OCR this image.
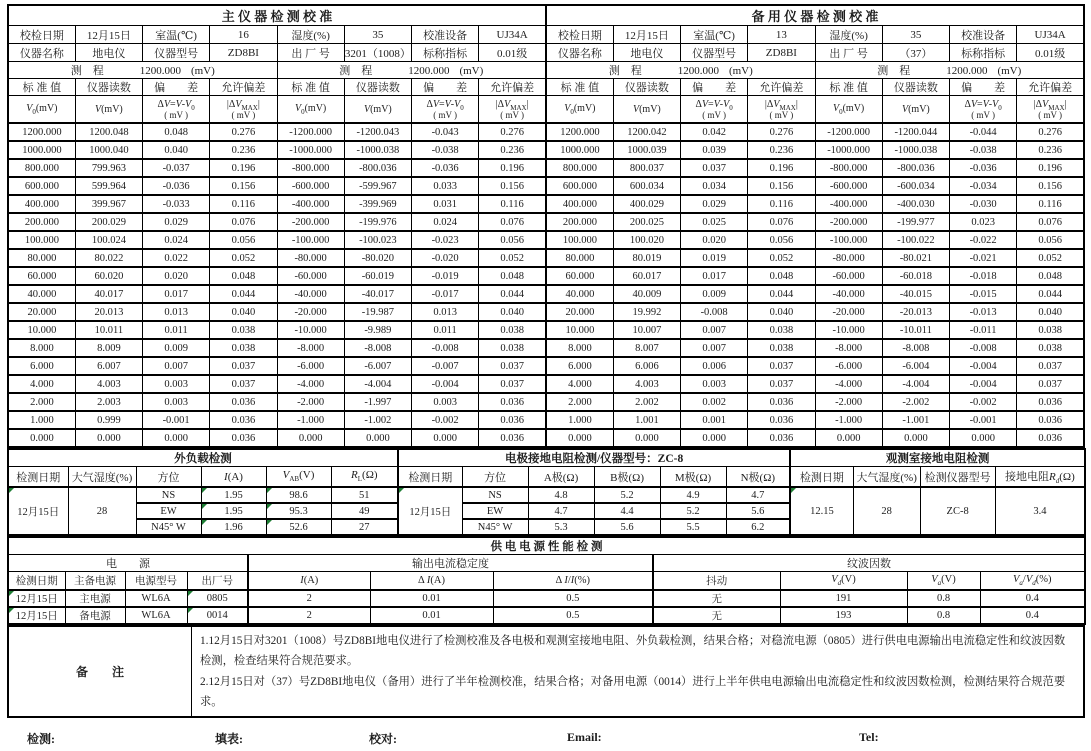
主 仪 器 检 测 校 准								备 用 仪 器 检 测 校 准							
校检日期	12月15日	室温(℃)	16	湿度(%)	35	校准设备	UJ34A	校检日期	12月15日	室温(℃)	13	湿度(%)	35	校准设备	UJ34A
仪器名称	地电仪	仪器型号	ZD8BI	出 厂 号	3201（1008）	标称指标	0.01级	仪器名称	地电仪	仪器型号	ZD8BI	出 厂 号	（37）	标称指标	0.01级
测　程 1200.000 (mV)				测　程 1200.000 (mV)				测　程 1200.000 (mV)				测　程 1200.000 (mV)			
标 准 值	仪器读数	偏　　差	允许偏差	标 准 值	仪器读数	偏　　差	允许偏差	标 准 值	仪器读数	偏　　差	允许偏差	标 准 值	仪器读数	偏　　差	允许偏差

$V_0(mV)$	V(mV)	$\Delta V=V-V_0$
( mV )

$|\Delta V_{MAX}|$
( mV )

$V_0(mV)$	V(mV)	$\Delta V=V-V_0$
( mV )

$|\Delta V_{MAX}|$
( mV )

$V_0(mV)$	V(mV)	$\Delta V=V-V_0$
( mV )

$|\Delta V_{MAX}|$
( mV )

$V_0(mV)$	V(mV)	$\Delta V=V-V_0$
( mV )

$|\Delta V_{MAX}|$
( mV )

1200.000	1200.048	0.048	0.276	-1200.000	-1200.043	-0.043	0.276	1200.000	1200.042	0.042	0.276	-1200.000	-1200.044	-0.044	0.276
1000.000	1000.040	0.040	0.236	-1000.000	-1000.038	-0.038	0.236	1000.000	1000.039	0.039	0.236	-1000.000	-1000.038	-0.038	0.236
800.000	799.963	-0.037	0.196	-800.000	-800.036	-0.036	0.196	800.000	800.037	0.037	0.196	-800.000	-800.036	-0.036	0.196
600.000	599.964	-0.036	0.156	-600.000	-599.967	0.033	0.156	600.000	600.034	0.034	0.156	-600.000	-600.034	-0.034	0.156
400.000	399.967	-0.033	0.116	-400.000	-399.969	0.031	0.116	400.000	400.029	0.029	0.116	-400.000	-400.030	-0.030	0.116
200.000	200.029	0.029	0.076	-200.000	-199.976	0.024	0.076	200.000	200.025	0.025	0.076	-200.000	-199.977	0.023	0.076
100.000	100.024	0.024	0.056	-100.000	-100.023	-0.023	0.056	100.000	100.020	0.020	0.056	-100.000	-100.022	-0.022	0.056
80.000	80.022	0.022	0.052	-80.000	-80.020	-0.020	0.052	80.000	80.019	0.019	0.052	-80.000	-80.021	-0.021	0.052
60.000	60.020	0.020	0.048	-60.000	-60.019	-0.019	0.048	60.000	60.017	0.017	0.048	-60.000	-60.018	-0.018	0.048
40.000	40.017	0.017	0.044	-40.000	-40.017	-0.017	0.044	40.000	40.009	0.009	0.044	-40.000	-40.015	-0.015	0.044
20.000	20.013	0.013	0.040	-20.000	-19.987	0.013	0.040	20.000	19.992	-0.008	0.040	-20.000	-20.013	-0.013	0.040
10.000	10.011	0.011	0.038	-10.000	-9.989	0.011	0.038	10.000	10.007	0.007	0.038	-10.000	-10.011	-0.011	0.038
8.000	8.009	0.009	0.038	-8.000	-8.008	-0.008	0.038	8.000	8.007	0.007	0.038	-8.000	-8.008	-0.008	0.038
6.000	6.007	0.007	0.037	-6.000	-6.007	-0.007	0.037	6.000	6.006	0.006	0.037	-6.000	-6.004	-0.004	0.037
4.000	4.003	0.003	0.037	-4.000	-4.004	-0.004	0.037	4.000	4.003	0.003	0.037	-4.000	-4.004	-0.004	0.037
2.000	2.003	0.003	0.036	-2.000	-1.997	0.003	0.036	2.000	2.002	0.002	0.036	-2.000	-2.002	-0.002	0.036
1.000	0.999	-0.001	0.036	-1.000	-1.002	-0.002	0.036	1.000	1.001	0.001	0.036	-1.000	-1.001	-0.001	0.036
0.000	0.000	0.000	0.036	0.000	0.000	0.000	0.036	0.000	0.000	0.000	0.036	0.000	0.000	0.000	0.036
外负载检测						电极接地电阻检测/仪器型号：ZC-8						观测室接地电阻检测			
检测日期	大气湿度(%)	方位	I(A)	$V_{AB}(V)$	$R_L(\Omega)$	检测日期	方位	A极(Ω)	B极(Ω)	M极(Ω)	N极(Ω)	检测日期	大气湿度(%)	检测仪器型号	接地电阻$R_d(\Omega)$
12月15日	28	NS	1.95	98.6	51	12月15日	NS	4.8	5.2	4.9	4.7	12.15	28	ZC-8	3.4
		EW	1.95	95.3	49		EW	4.7	4.4	5.2	5.6				
		N45° W	1.96	52.6	27		N45° W	5.3	5.6	5.5	6.2				
供 电 电 源 性 能 检 测										
电　　源				输出电流稳定度			纹波因数			
检测日期	主备电源	电源型号	出厂号	I(A)	Δ I(A)	Δ I/I(%)	抖动	$V_d(V)$	$V_a(V)$	$V_a/V_d(\%)$
12月15日	主电源	WL6A	0805	2	0.01	0.5	无	191	0.8	0.4
12月15日	备电源	WL6A	0014	2	0.01	0.5	无	193	0.8	0.4
备　　注	
1.12月15日对3201（1008）号ZD8BI地电仪进行了检测校准及各电极和观测室接地电阻、外负载检测，结果合格；对稳流电源（0805）进行供电电源输出电流稳定性和纹波因数检测，检查结果符合规范要求。
2.12月15日对（37）号ZD8BI地电仪（备用）进行了半年检测校准，结果合格；对备用电源（0014）进行上半年供电电源输出电流稳定性和纹波因数检测，检测结果符合规范要求。
检测:	填表:	校对:	Email:	Tel:
